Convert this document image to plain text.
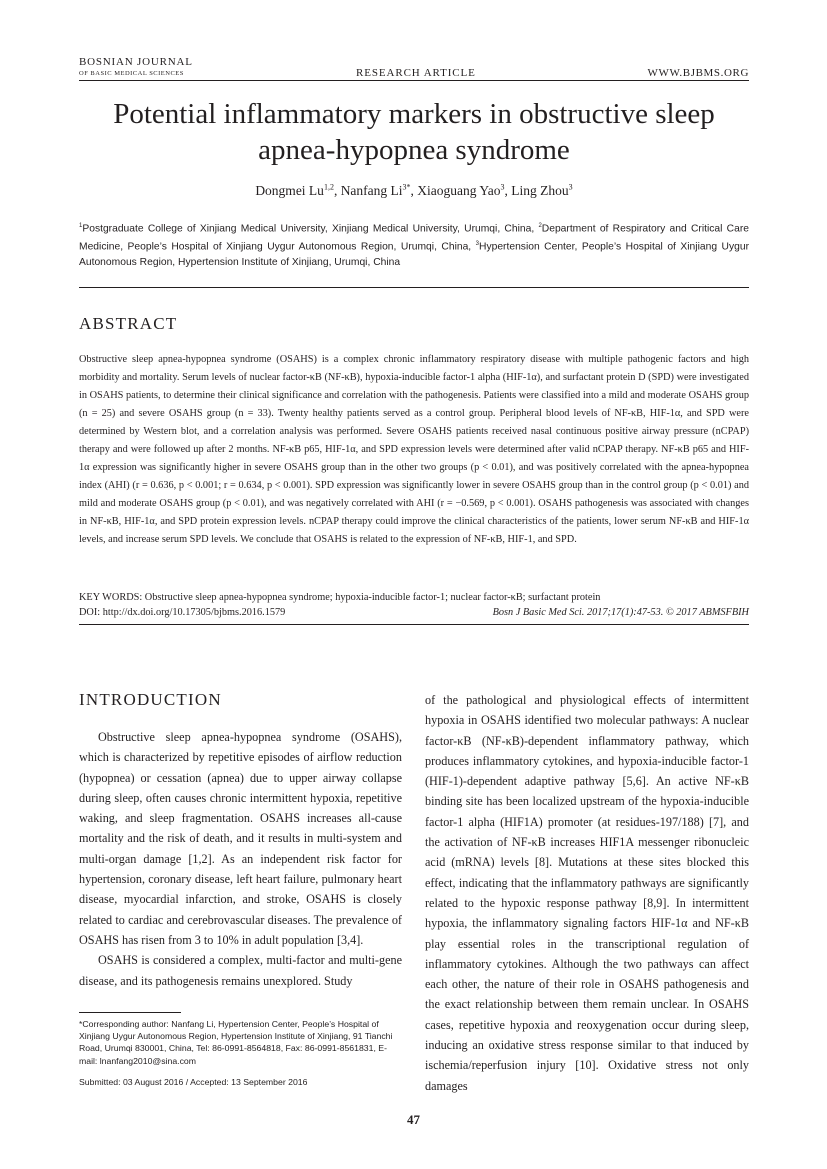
BOSNIAN JOURNAL
OF BASIC MEDICAL SCIENCES	RESEARCH ARTICLE	WWW.BJBMS.ORG
Potential inflammatory markers in obstructive sleep apnea-hypopnea syndrome
Dongmei Lu$^{1,2}$, Nanfang $Li^{3*}$, Xiaoguang Yao$^3$, Ling Zhou$^3$
$^1$Postgraduate College of Xinjiang Medical University, Xinjiang Medical University, Urumqi, China, $^2$Department of Respiratory and Critical Care Medicine, People’s Hospital of Xinjiang Uygur Autonomous Region, Urumqi, China, $^3$Hypertension Center, People’s Hospital of Xinjiang Uygur Autonomous Region, Hypertension Institute of Xinjiang, Urumqi, China
ABSTRACT
Obstructive sleep apnea-hypopnea syndrome (OSAHS) is a complex chronic inflammatory respiratory disease with multiple pathogenic factors and high morbidity and mortality. Serum levels of nuclear factor-κB (NF-κB), hypoxia-inducible factor-1 alpha (HIF-1α), and surfactant protein D (SPD) were investigated in OSAHS patients, to determine their clinical significance and correlation with the pathogenesis. Patients were classified into a mild and moderate OSAHS group (n = 25) and severe OSAHS group (n = 33). Twenty healthy patients served as a control group. Peripheral blood levels of NF-κB, HIF-1α, and SPD were determined by Western blot, and a correlation analysis was performed. Severe OSAHS patients received nasal continuous positive airway pressure (nCPAP) therapy and were followed up after 2 months. NF-κB p65, HIF-1α, and SPD expression levels were determined after valid nCPAP therapy. NF-κB p65 and HIF-1α expression was significantly higher in severe OSAHS group than in the other two groups (p < 0.01), and was positively correlated with the apnea-hypopnea index (AHI) (r = 0.636, p < 0.001; r = 0.634, p < 0.001). SPD expression was significantly lower in severe OSAHS group than in the control group (p < 0.01) and mild and moderate OSAHS group (p < 0.01), and was negatively correlated with AHI (r = −0.569, p < 0.001). OSAHS pathogenesis was associated with changes in NF-κB, HIF-1α, and SPD protein expression levels. nCPAP therapy could improve the clinical characteristics of the patients, lower serum NF-κB and HIF-1α levels, and increase serum SPD levels. We conclude that OSAHS is related to the expression of NF-κB, HIF-1, and SPD.
KEY WORDS: Obstructive sleep apnea-hypopnea syndrome; hypoxia-inducible factor-1; nuclear factor-κB; surfactant protein
DOI: http://dx.doi.org/10.17305/bjbms.2016.1579	Bosn J Basic Med Sci. 2017;17(1):47-53. © 2017 ABMSFBIH
INTRODUCTION

Obstructive sleep apnea-hypopnea syndrome (OSAHS), which is characterized by repetitive episodes of airflow reduction (hypopnea) or cessation (apnea) due to upper airway collapse during sleep, often causes chronic intermittent hypoxia, repetitive waking, and sleep fragmentation. OSAHS increases all-cause mortality and the risk of death, and it results in multi-system and multi-organ damage [1,2]. As an independent risk factor for hypertension, coronary disease, left heart failure, pulmonary heart disease, myocardial infarction, and stroke, OSAHS is closely related to cardiac and cerebrovascular diseases. The prevalence of OSAHS has risen from 3 to 10% in adult population [3,4].

OSAHS is considered a complex, multi-factor and multi-gene disease, and its pathogenesis remains unexplored. Study

of the pathological and physiological effects of intermittent hypoxia in OSAHS identified two molecular pathways: A nuclear factor-κB (NF-κB)-dependent inflammatory pathway, which produces inflammatory cytokines, and hypoxia-inducible factor-1 (HIF-1)-dependent adaptive pathway [5,6]. An active NF-κB binding site has been localized upstream of the hypoxia-inducible factor-1 alpha (HIF1A) promoter (at residues-197/188) [7], and the activation of NF-κB increases HIF1A messenger ribonucleic acid (mRNA) levels [8]. Mutations at these sites blocked this effect, indicating that the inflammatory pathways are significantly related to the hypoxic response pathway [8,9]. In intermittent hypoxia, the inflammatory signaling factors HIF-1α and NF-κB play essential roles in the transcriptional regulation of inflammatory cytokines. Although the two pathways can affect each other, the nature of their role in OSAHS pathogenesis and the exact relationship between them remain unclear. In OSAHS cases, repetitive hypoxia and reoxygenation occur during sleep, inducing an oxidative stress response similar to that induced by ischemia/reperfusion injury [10]. Oxidative stress not only damages

*Corresponding author: Nanfang Li, Hypertension Center, People’s Hospital of Xinjiang Uygur Autonomous Region, Hypertension Institute of Xinjiang, 91 Tianchi Road, Urumqi 830001, China, Tel: 86-0991-8564818, Fax: 86-0991-8561831, E-mail: lnanfang2010@sina.com
Submitted: 03 August 2016 / Accepted: 13 September 2016
47
